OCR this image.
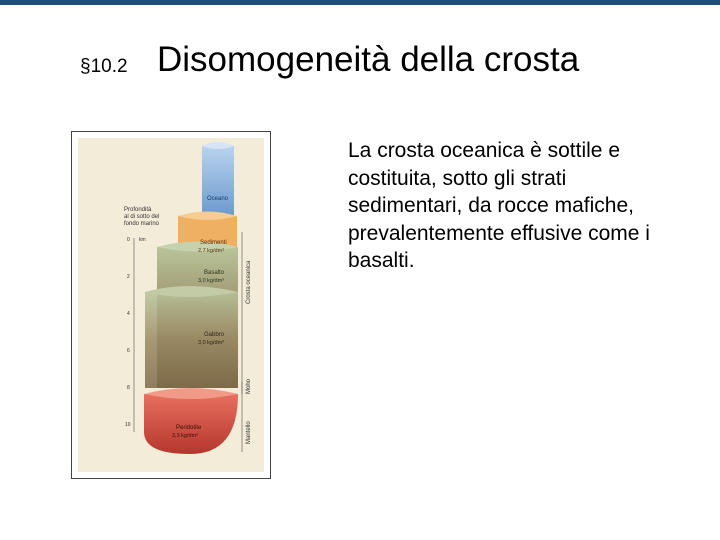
§10.2 Disomogeneità della crosta
Profondità
al di sotto del
fondo marino
km
0
2
4
6
8
10
Oceano
Sedimenti
2,7 kg/dm³
Basalto
3,0 kg/dm³
Gabbro
3,0 kg/dm³
Peridotite
3,3 kg/dm³
Crosta oceanica
Moho
Mantello
La crosta oceanica è sottile e costituita, sotto gli strati sedimentari, da rocce mafiche, prevalentemente effusive come i basalti.
4
